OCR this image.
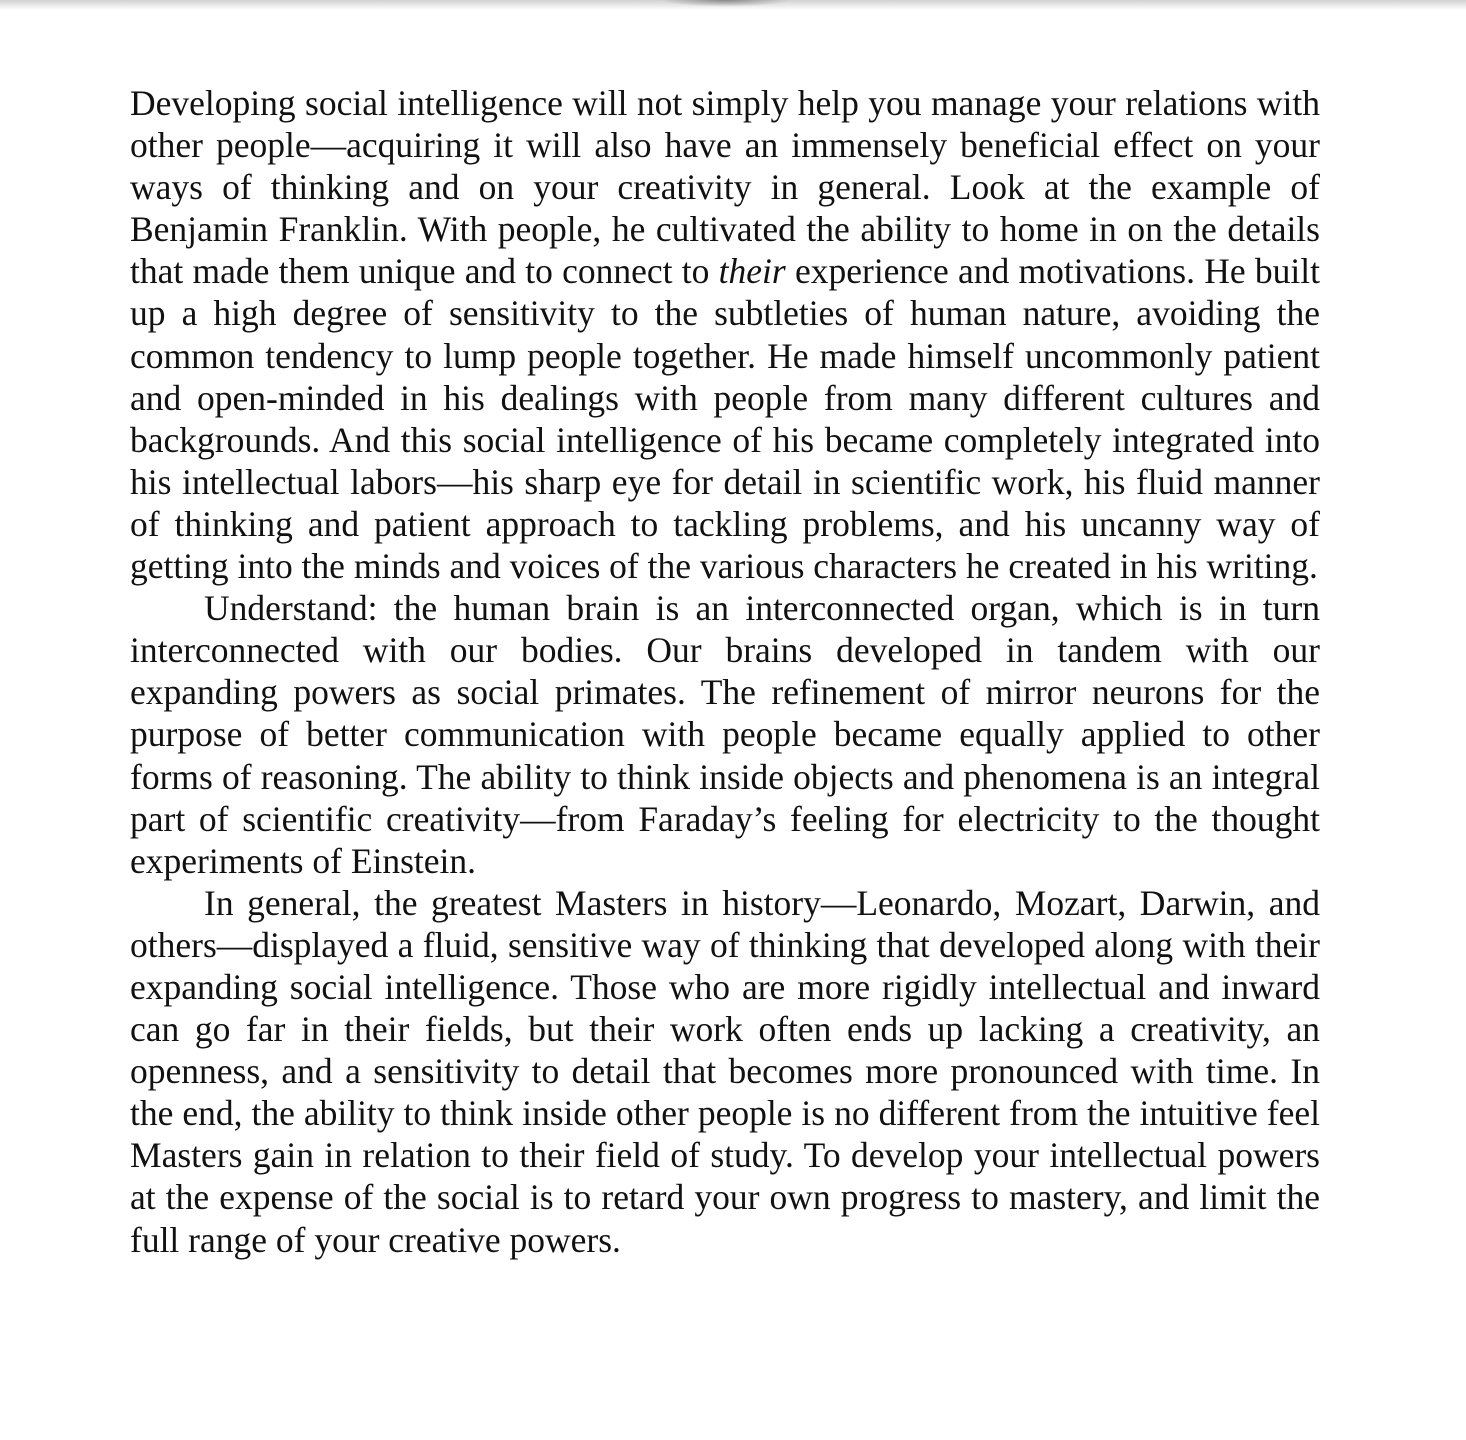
Developing social intelligence will not simply help you manage your relations with other people—acquiring it will also have an immensely beneficial effect on your ways of thinking and on your creativity in general. Look at the example of Benjamin Franklin. With people, he cultivated the ability to home in on the details that made them unique and to connect to their experience and motivations. He built up a high degree of sensitivity to the subtleties of human nature, avoiding the common tendency to lump people together. He made himself uncommonly patient and open-minded in his dealings with people from many different cultures and backgrounds. And this social intelligence of his became completely integrated into his intellectual labors—his sharp eye for detail in scientific work, his fluid manner of thinking and patient approach to tackling problems, and his uncanny way of getting into the minds and voices of the various characters he created in his writing.

Understand: the human brain is an interconnected organ, which is in turn interconnected with our bodies. Our brains developed in tandem with our expanding powers as social primates. The refinement of mirror neurons for the purpose of better communication with people became equally applied to other forms of reasoning. The ability to think inside objects and phenomena is an integral part of scientific creativity—from Faraday’s feeling for electricity to the thought experiments of Einstein.

In general, the greatest Masters in history—Leonardo, Mozart, Darwin, and others—displayed a fluid, sensitive way of thinking that developed along with their expanding social intelligence. Those who are more rigidly intellectual and inward can go far in their fields, but their work often ends up lacking a creativity, an openness, and a sensitivity to detail that becomes more pronounced with time. In the end, the ability to think inside other people is no different from the intuitive feel Masters gain in relation to their field of study. To develop your intellectual powers at the expense of the social is to retard your own progress to mastery, and limit the full range of your creative powers.
